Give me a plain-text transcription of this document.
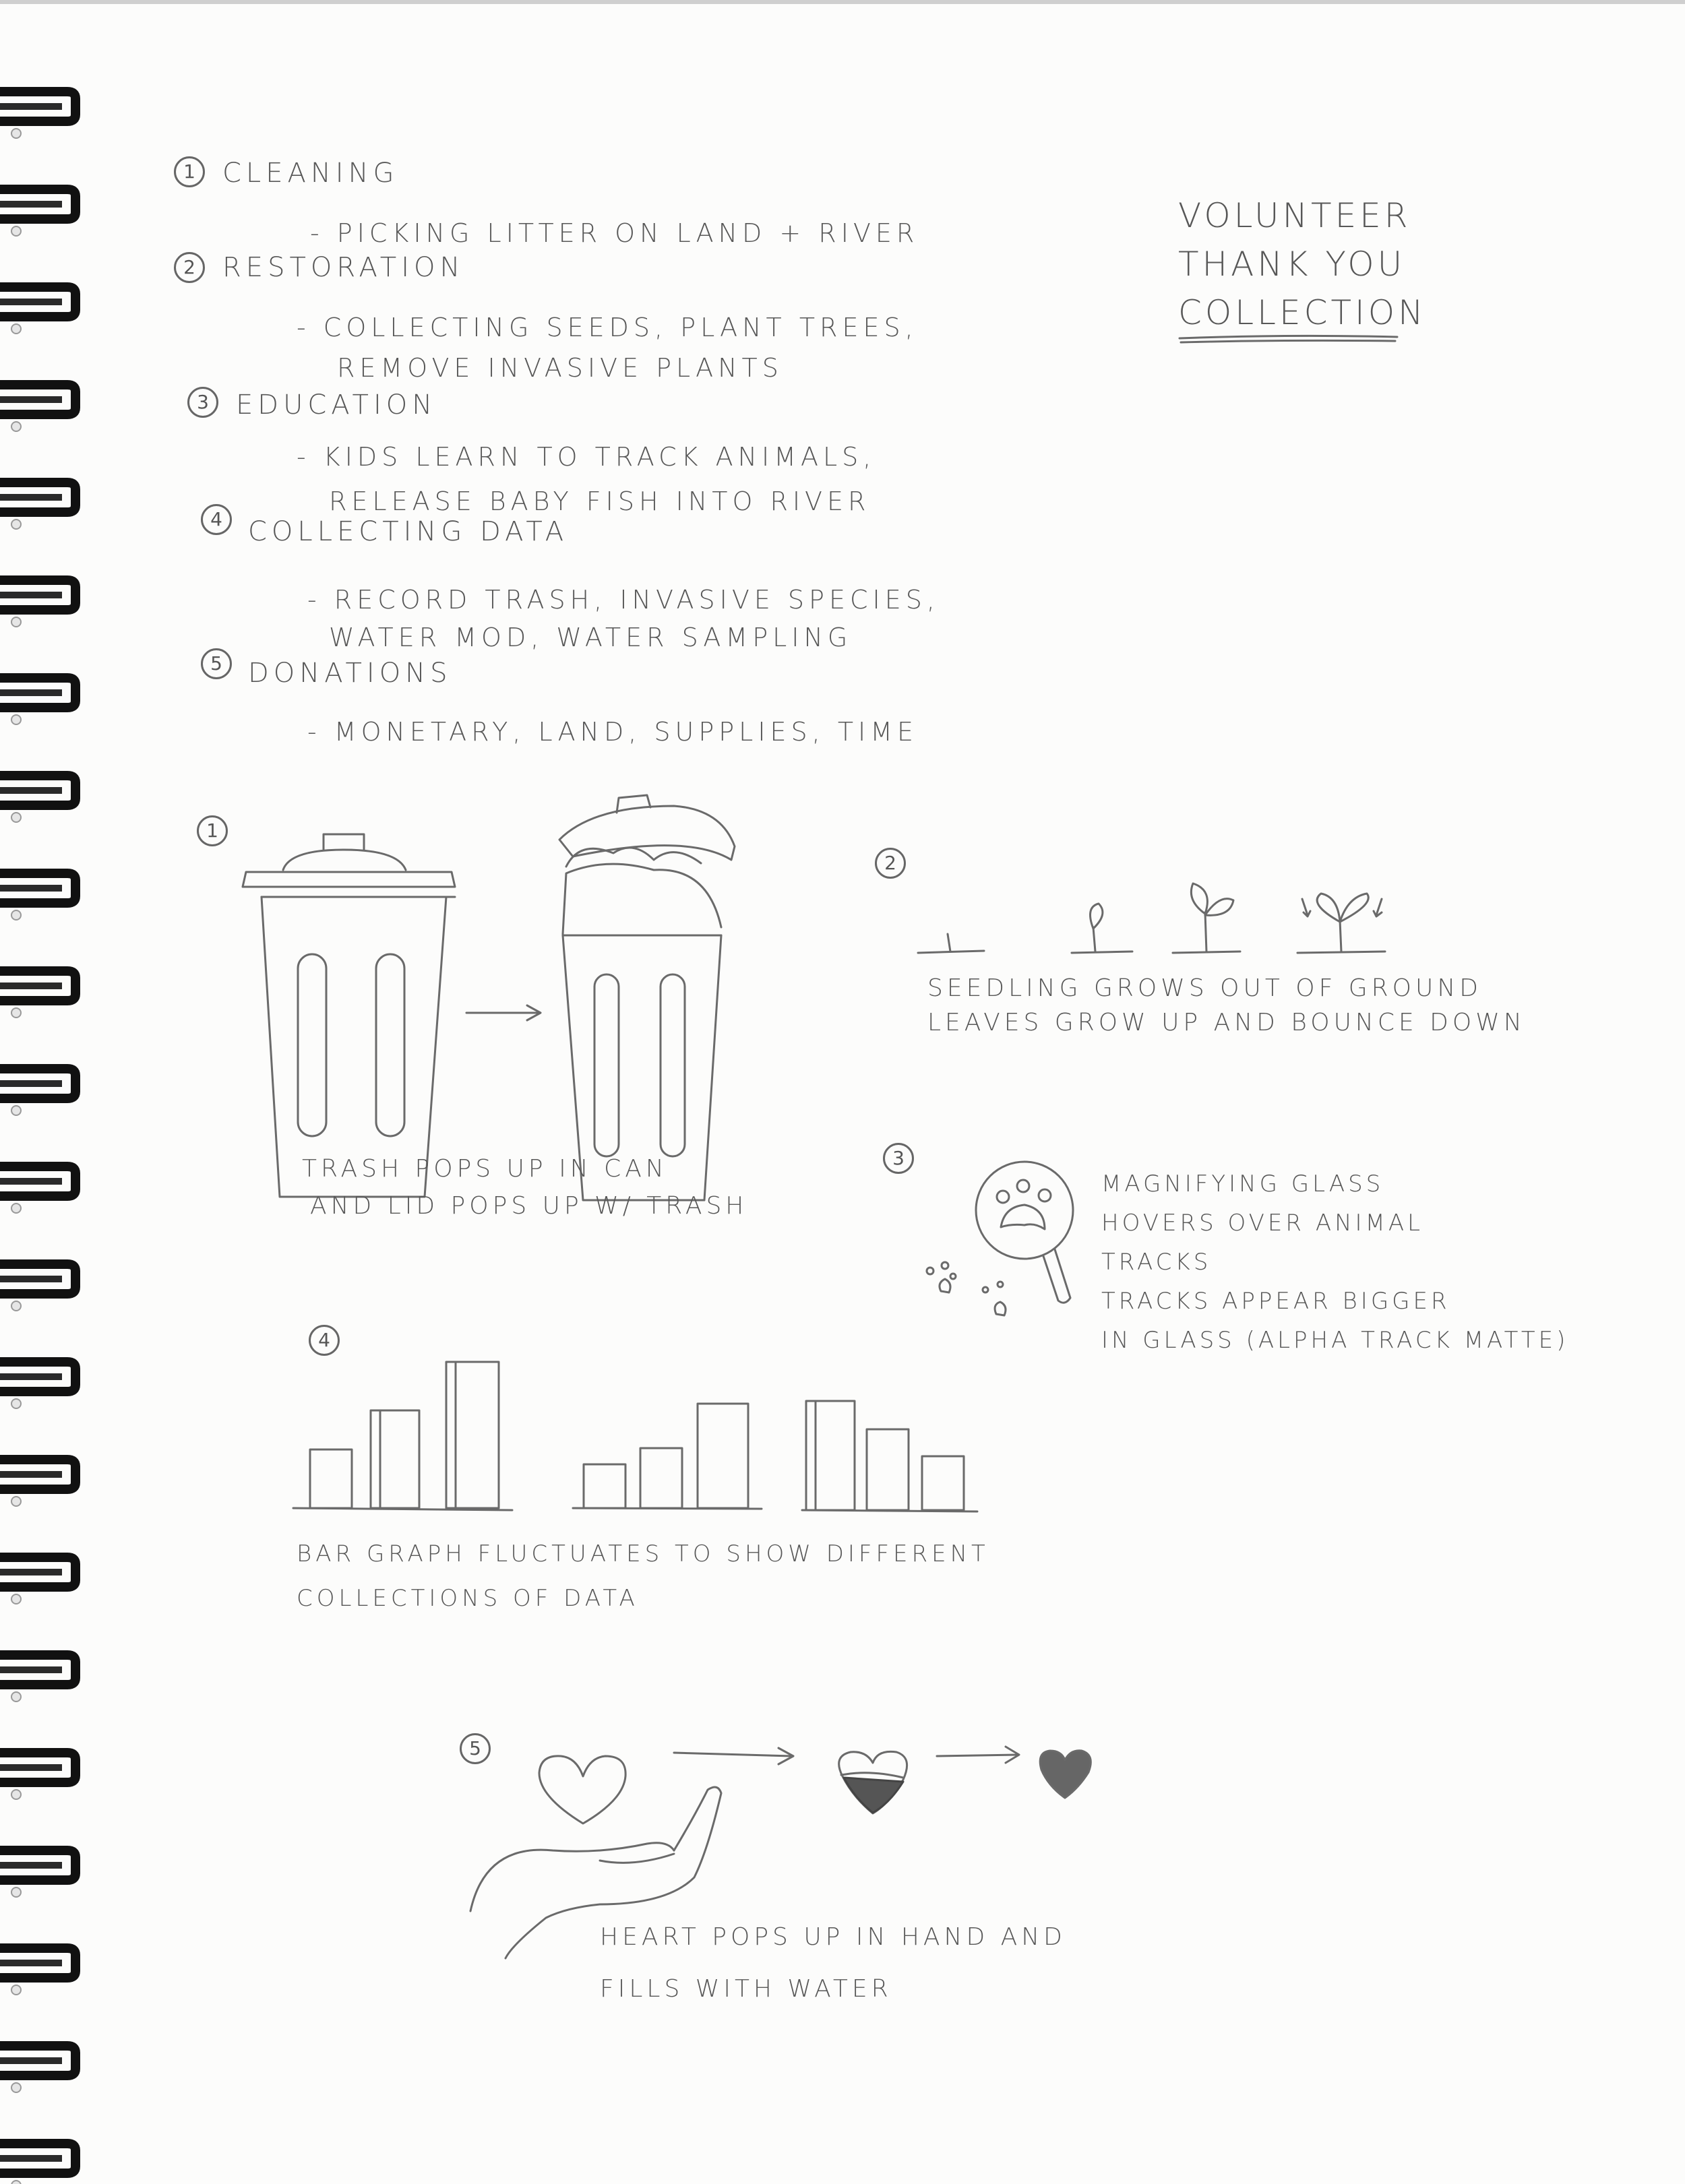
VOLUNTEER
THANK YOU
COLLECTION
1	CLEANING
- PICKING LITTER ON LAND + RIVER
2	RESTORATION
- COLLECTING SEEDS, PLANT TREES,
REMOVE INVASIVE PLANTS
3	EDUCATION
- KIDS LEARN TO TRACK ANIMALS,
RELEASE BABY FISH INTO RIVER
4 COLLECTING DATA
- RECORD TRASH, INVASIVE SPECIES,
WATER MOD, WATER SAMPLING
5 DONATIONS
- MONETARY, LAND, SUPPLIES, TIME
1
TRASH POPS UP IN CAN
AND LID POPS UP W/ TRASH
2
SEEDLING GROWS OUT OF GROUND
LEAVES GROW UP AND BOUNCE DOWN
3
MAGNIFYING GLASS
HOVERS OVER ANIMAL
TRACKS
TRACKS APPEAR BIGGER
IN GLASS (ALPHA TRACK MATTE)
4
BAR GRAPH FLUCTUATES TO SHOW DIFFERENT
COLLECTIONS OF DATA
5
HEART POPS UP IN HAND AND
FILLS WITH WATER
